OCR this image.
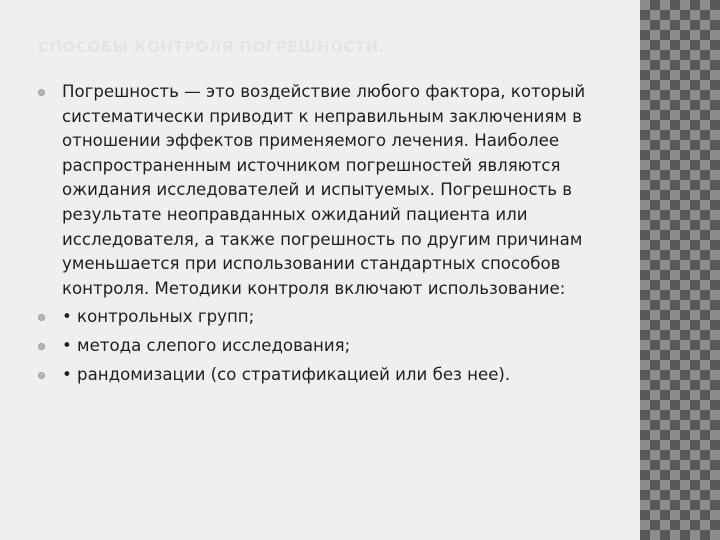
СПОСОБЫ КОНТРОЛЯ ПОГРЕШНОСТИ.
Погрешность — это воздействие любого фактора, который систематически приводит к неправильным заключениям в отношении эффектов применяемого лечения. Наиболее распространенным источником погрешностей являются ожидания исследователей и испытуемых. Погрешность в результате неоправданных ожиданий пациента или исследователя, а также погрешность по другим причинам уменьшается при использовании стандартных способов контроля. Методики контроля включают использование:
• контрольных групп;
• метода слепого исследования;
• рандомизации (со стратификацией или без нее).
